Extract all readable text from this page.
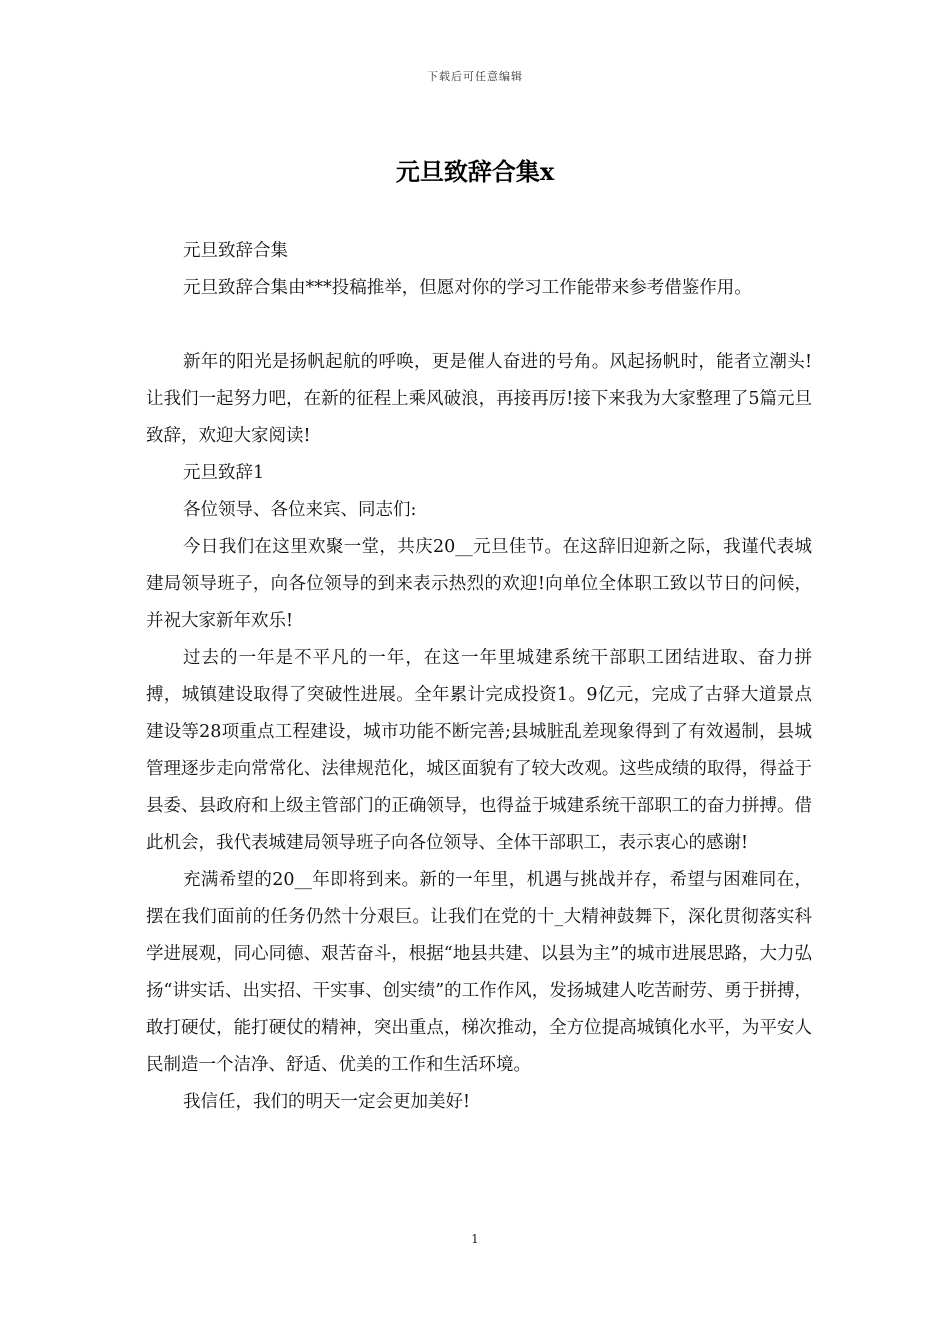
下载后可任意编辑
元旦致辞合集x

元旦致辞合集

元旦致辞合集由***投稿推举，但愿对你的学习工作能带来参考借鉴作用。

新年的阳光是扬帆起航的呼唤，更是催人奋进的号角。风起扬帆时，能者立潮头!让我们一起努力吧，在新的征程上乘风破浪，再接再厉!接下来我为大家整理了5篇元旦致辞，欢迎大家阅读!

元旦致辞1

各位领导、各位来宾、同志们:

今日我们在这里欢聚一堂，共庆20__元旦佳节。在这辞旧迎新之际，我谨代表城建局领导班子，向各位领导的到来表示热烈的欢迎!向单位全体职工致以节日的问候，并祝大家新年欢乐!

过去的一年是不平凡的一年，在这一年里城建系统干部职工团结进取、奋力拼搏，城镇建设取得了突破性进展。全年累计完成投资1。9亿元，完成了古驿大道景点建设等28项重点工程建设，城市功能不断完善;县城脏乱差现象得到了有效遏制，县城管理逐步走向常常化、法律规范化，城区面貌有了较大改观。这些成绩的取得，得益于县委、县政府和上级主管部门的正确领导，也得益于城建系统干部职工的奋力拼搏。借此机会，我代表城建局领导班子向各位领导、全体干部职工，表示衷心的感谢!

充满希望的20__年即将到来。新的一年里，机遇与挑战并存，希望与困难同在，摆在我们面前的任务仍然十分艰巨。让我们在党的十_大精神鼓舞下，深化贯彻落实科学进展观，同心同德、艰苦奋斗，根据“地县共建、以县为主”的城市进展思路，大力弘扬“讲实话、出实招、干实事、创实绩”的工作作风，发扬城建人吃苦耐劳、勇于拼搏，敢打硬仗，能打硬仗的精神，突出重点，梯次推动，全方位提高城镇化水平，为平安人民制造一个洁净、舒适、优美的工作和生活环境。

我信任，我们的明天一定会更加美好!

1
